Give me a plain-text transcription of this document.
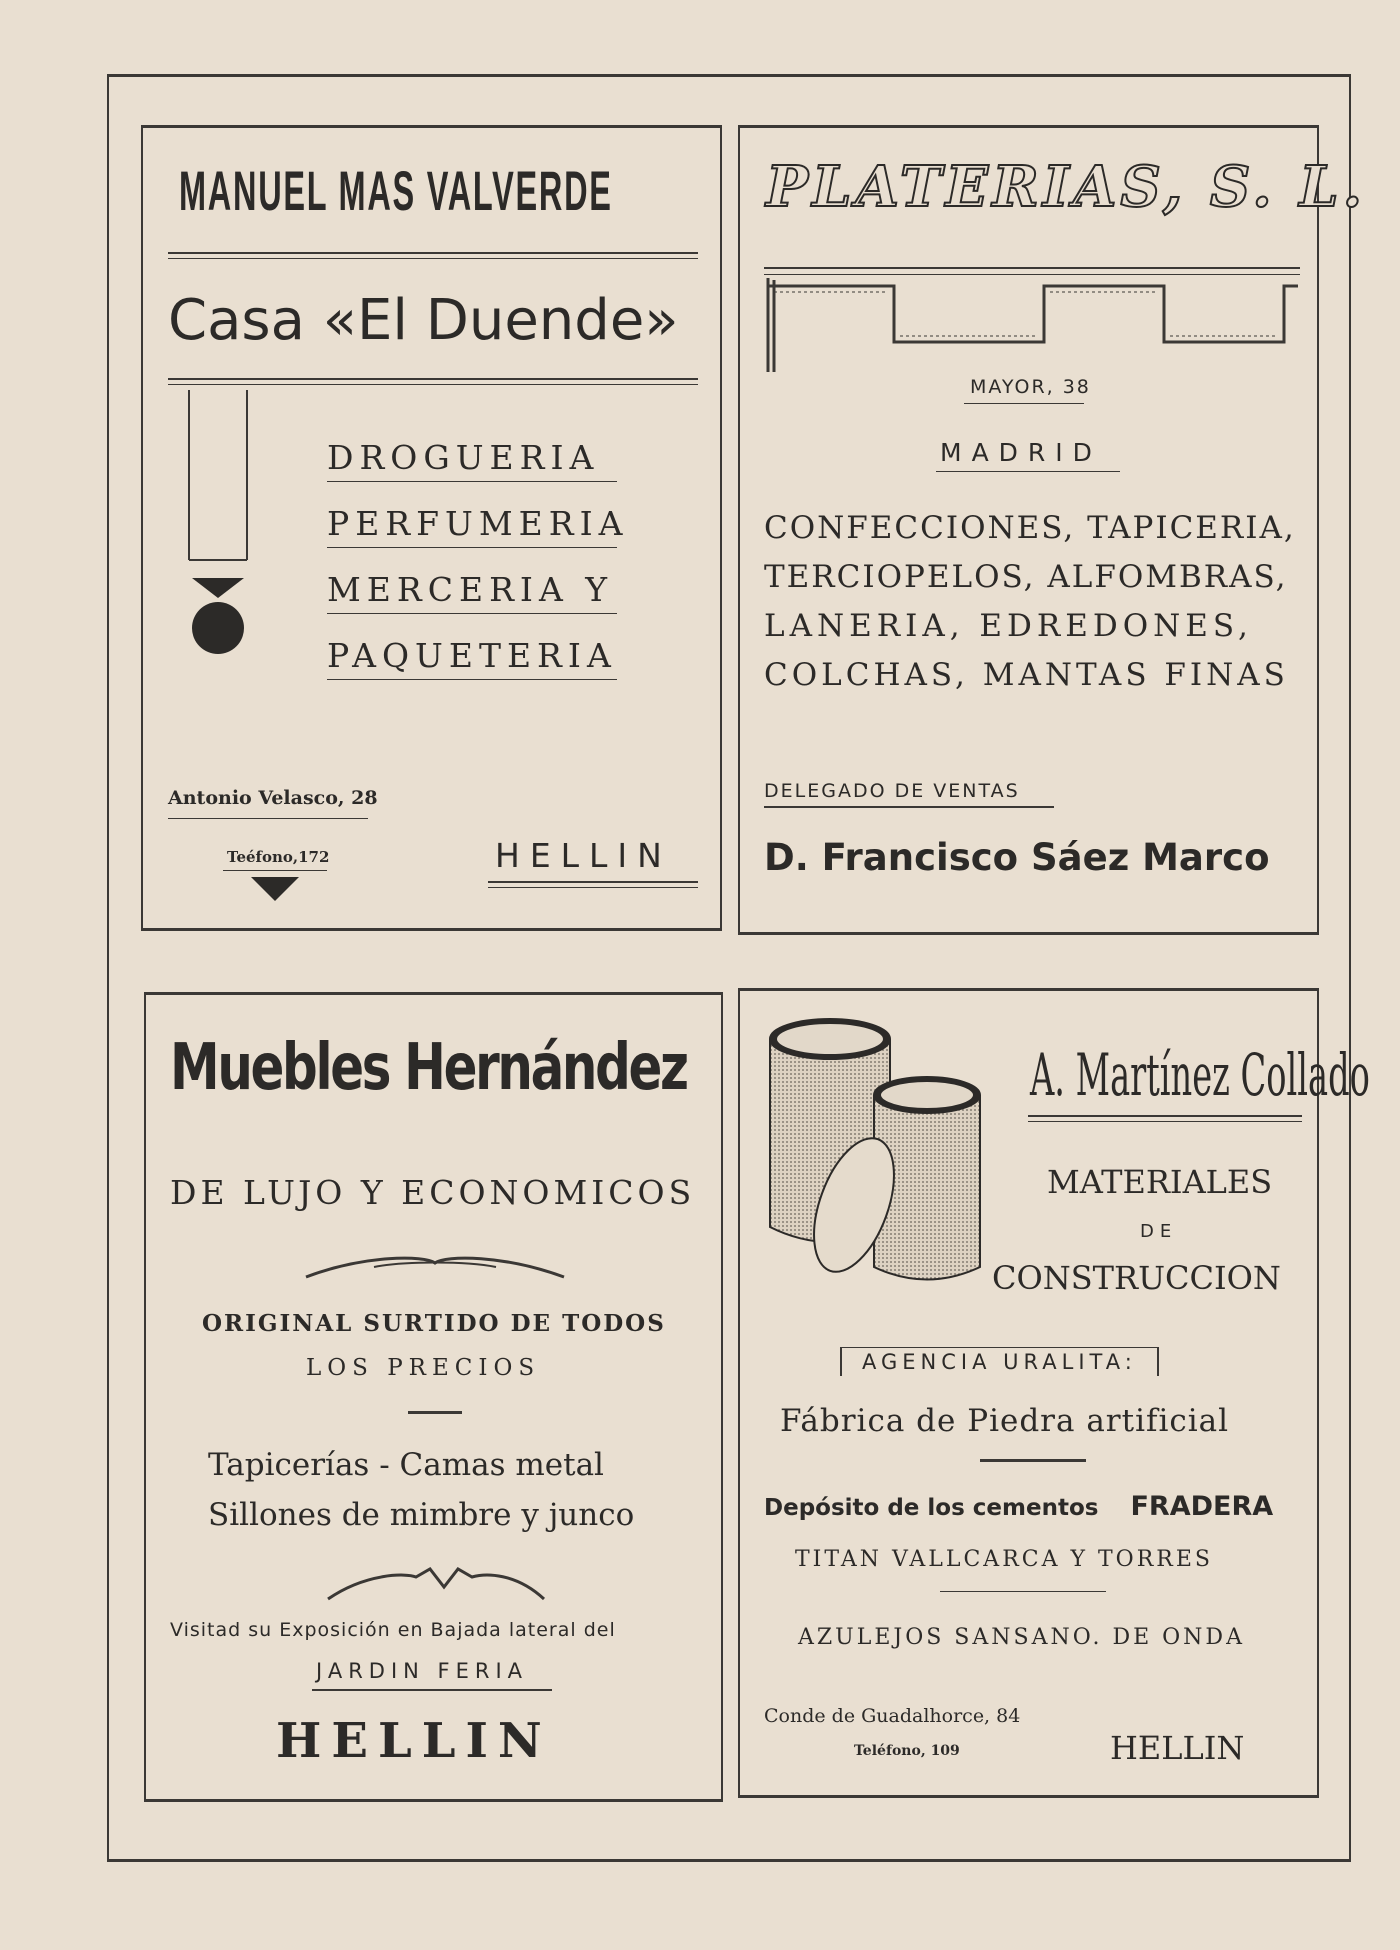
MANUEL MAS VALVERDE
Casa «El Duende»
DROGUERIA
PERFUMERIA
MERCERIA Y
PAQUETERIA
Antonio Velasco, 28
Teéfono,172	HELLIN
PLATERIAS, S. L.
MAYOR, 38
MADRID
CONFECCIONES, TAPICERIA,
TERCIOPELOS, ALFOMBRAS,
LANERIA, EDREDONES,
COLCHAS, MANTAS FINAS
DELEGADO DE VENTAS
D. Francisco Sáez Marco
Muebles Hernández
DE LUJO Y ECONOMICOS
ORIGINAL SURTIDO DE TODOS
LOS PRECIOS
Tapicerías - Camas metal
Sillones de mimbre y junco
Visitad su Exposición en Bajada lateral del
JARDIN FERIA
HELLIN
A. Martínez Collado
MATERIALES
DE
CONSTRUCCION
AGENCIA URALITA:
Fábrica de Piedra artificial
Depósito de los cementos FRADERA
TITAN VALLCARCA Y TORRES
AZULEJOS SANSANO. DE ONDA
Conde de Guadalhorce, 84
Teléfono, 109	HELLIN
